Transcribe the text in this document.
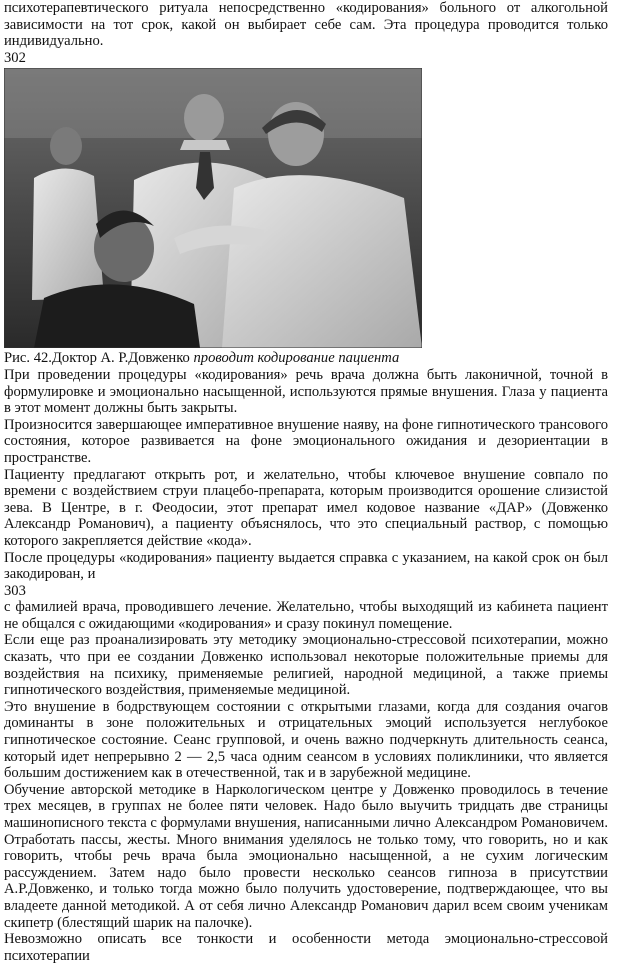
психотерапевтического ритуала непосредственно «кодирования» больного от алкогольной зависимости на тот срок, какой он выбирает себе сам. Эта процедура проводится только индивидуально.

302

Рис. 42.Доктор А. Р.Довженко проводит кодирование пациента

При проведении процедуры «кодирования» речь врача должна быть лаконичной, точной в формулировке и эмоционально насыщенной, используются прямые внушения. Глаза у пациента в этот момент должны быть закрыты.

Произносится завершающее императивное внушение наяву, на фоне гипнотического трансового состояния, которое развивается на фоне эмоционального ожидания и дезориентации в пространстве.

Пациенту предлагают открыть рот, и желательно, чтобы ключевое внушение совпало по времени с воздействием струи плацебо-препарата, которым производится орошение слизистой зева. В Центре, в г. Феодосии, этот препарат имел кодовое название «ДАР» (Довженко Александр Романович), а пациенту объяснялось, что это специальный раствор, с помощью которого закрепляется действие «кода».

После процедуры «кодирования» пациенту выдается справка с указанием, на какой срок он был закодирован, и

303

с фамилией врача, проводившего лечение. Желательно, чтобы выходящий из кабинета пациент не общался с ожидающими «кодирования» и сразу покинул помещение.

Если еще раз проанализировать эту методику эмоционально-стрессовой психотерапии, можно сказать, что при ее создании Довженко использовал некоторые положительные приемы для воздействия на психику, применяемые религией, народной медициной, а также приемы гипнотического воздействия, применяемые медициной.

Это внушение в бодрствующем состоянии с открытыми глазами, когда для создания очагов доминанты в зоне положительных и отрицательных эмоций используется неглубокое гипнотическое состояние. Сеанс групповой, и очень важно подчеркнуть длительность сеанса, который идет непрерывно 2 — 2,5 часа одним сеансом в условиях поликлиники, что является большим достижением как в отечественной, так и в зарубежной медицине.

Обучение авторской методике в Наркологическом центре у Довженко проводилось в течение трех месяцев, в группах не более пяти человек. Надо было выучить тридцать две страницы машинописного текста с формулами внушения, написанными лично Александром Романовичем. Отработать пассы, жесты. Много внимания уделялось не только тому, что говорить, но и как говорить, чтобы речь врача была эмоционально насыщенной, а не сухим логическим рассуждением. Затем надо было провести несколько сеансов гипноза в присутствии А.Р.Довженко, и только тогда можно было получить удостоверение, подтверждающее, что вы владеете данной методикой. А от себя лично Александр Романович дарил всем своим ученикам скипетр (блестящий шарик на палочке).

Невозможно описать все тонкости и особенности метода эмоционально-стрессовой психотерапии
